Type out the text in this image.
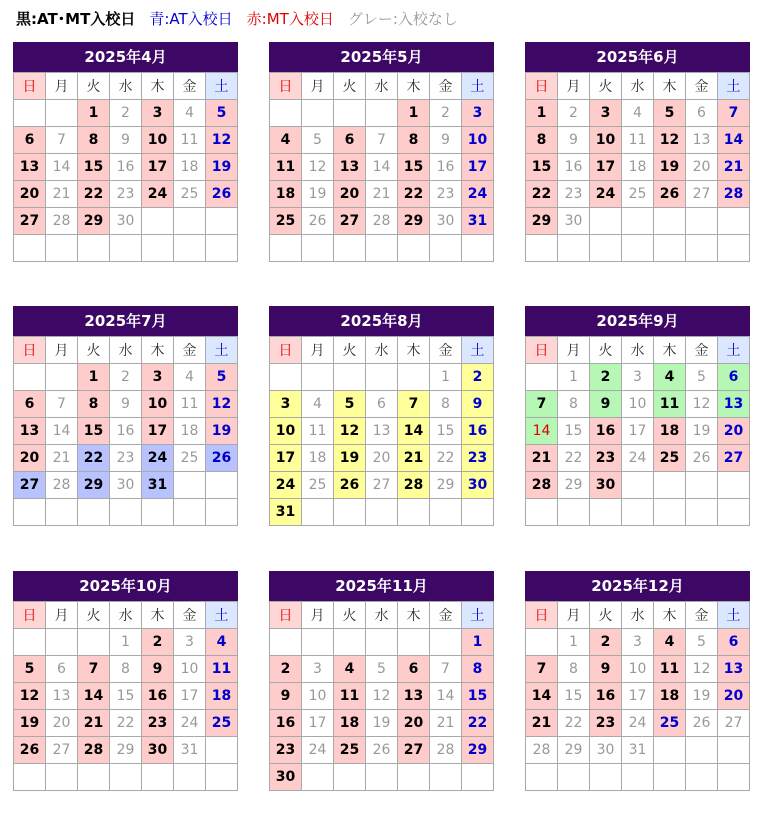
黒:AT･MT入校日 青:AT入校日 赤:MT入校日 グレー:入校なし
2025年4月
日	月	火	水	木	金	土
		1	2	3	4	5
6	7	8	9	10	11	12
13	14	15	16	17	18	19
20	21	22	23	24	25	26
27	28	29	30			

2025年5月
日	月	火	水	木	金	土
				1	2	3
4	5	6	7	8	9	10
11	12	13	14	15	16	17
18	19	20	21	22	23	24
25	26	27	28	29	30	31

2025年6月
日	月	火	水	木	金	土
1	2	3	4	5	6	7
8	9	10	11	12	13	14
15	16	17	18	19	20	21
22	23	24	25	26	27	28
29	30					

2025年7月
日	月	火	水	木	金	土
		1	2	3	4	5
6	7	8	9	10	11	12
13	14	15	16	17	18	19
20	21	22	23	24	25	26
27	28	29	30	31		

2025年8月
日	月	火	水	木	金	土
					1	2
3	4	5	6	7	8	9
10	11	12	13	14	15	16
17	18	19	20	21	22	23
24	25	26	27	28	29	30
31						
2025年9月
日	月	火	水	木	金	土
	1	2	3	4	5	6
7	8	9	10	11	12	13
14	15	16	17	18	19	20
21	22	23	24	25	26	27
28	29	30				

2025年10月
日	月	火	水	木	金	土
			1	2	3	4
5	6	7	8	9	10	11
12	13	14	15	16	17	18
19	20	21	22	23	24	25
26	27	28	29	30	31	

2025年11月
日	月	火	水	木	金	土
						1
2	3	4	5	6	7	8
9	10	11	12	13	14	15
16	17	18	19	20	21	22
23	24	25	26	27	28	29
30						
2025年12月
日	月	火	水	木	金	土
	1	2	3	4	5	6
7	8	9	10	11	12	13
14	15	16	17	18	19	20
21	22	23	24	25	26	27
28	29	30	31			
